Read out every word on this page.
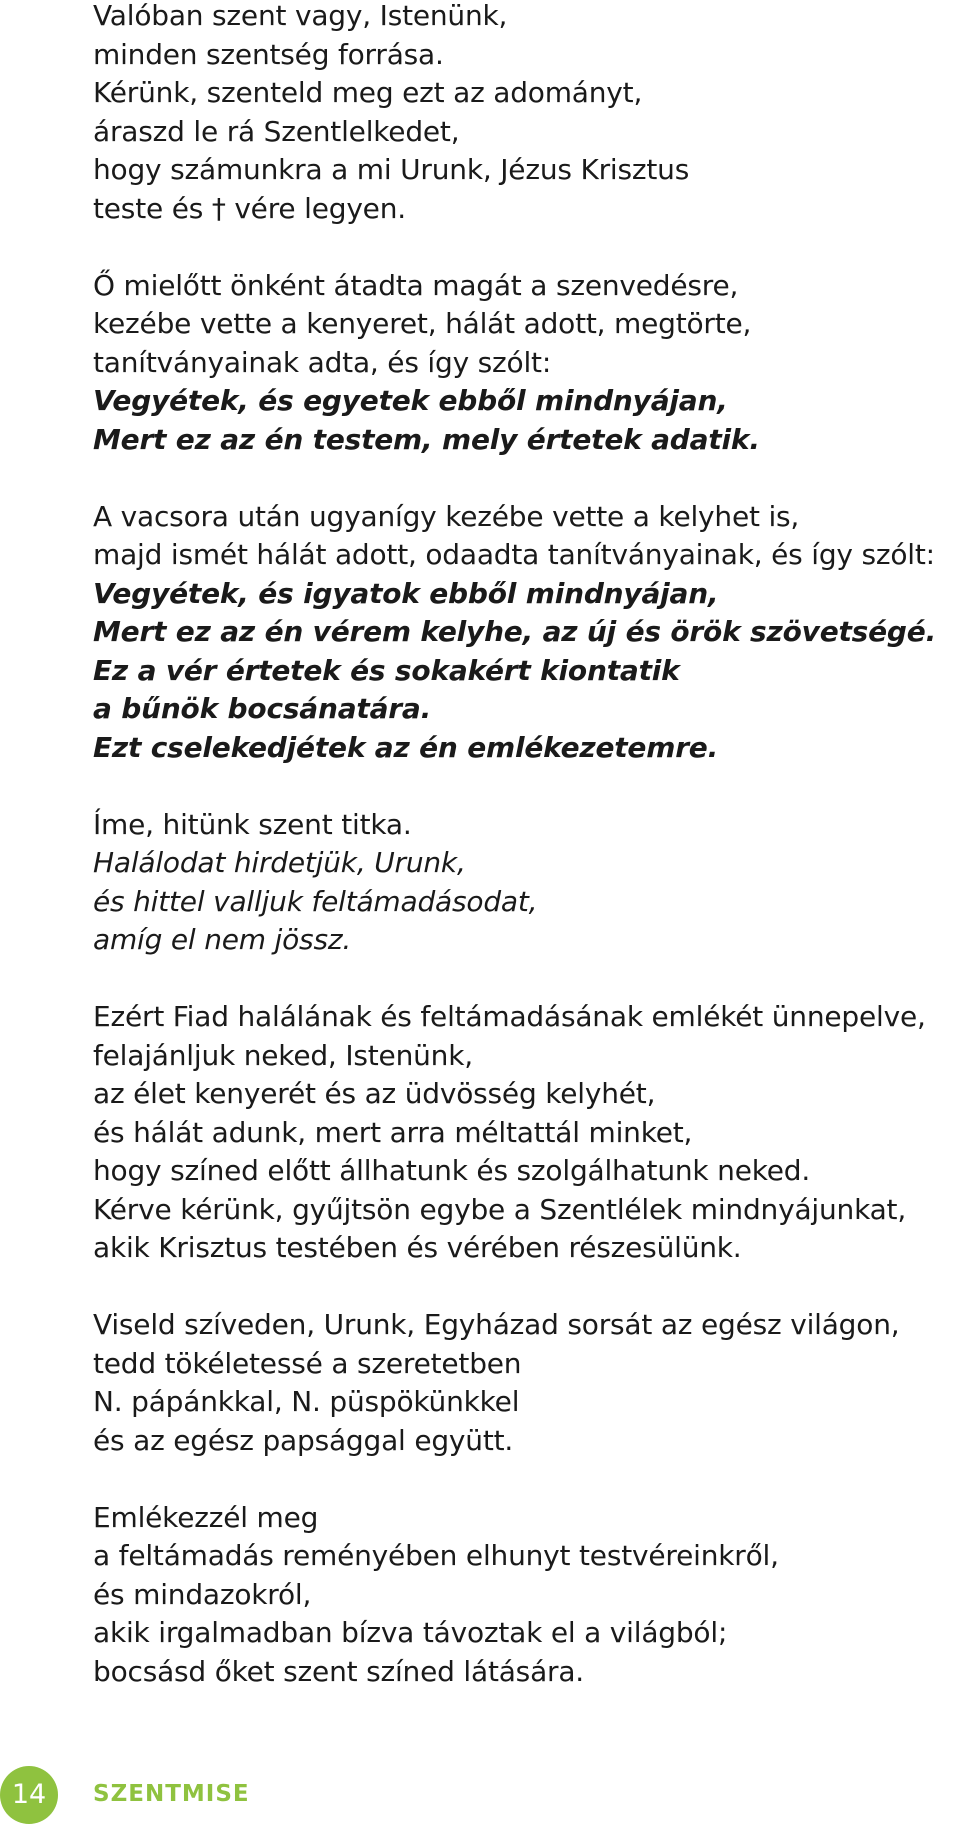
Valóban szent vagy, Istenünk,
minden szentség forrása.
Kérünk, szenteld meg ezt az adományt,
áraszd le rá Szentlelkedet,
hogy számunkra a mi Urunk, Jézus Krisztus
teste és † vére legyen.
Ő mielőtt önként átadta magát a szenvedésre,
kezébe vette a kenyeret, hálát adott, megtörte,
tanítványainak adta, és így szólt:
Vegyétek, és egyetek ebből mindnyájan,
Mert ez az én testem, mely értetek adatik.
A vacsora után ugyanígy kezébe vette a kelyhet is,
majd ismét hálát adott, odaadta tanítványainak, és így szólt:
Vegyétek, és igyatok ebből mindnyájan,
Mert ez az én vérem kelyhe, az új és örök szövetségé.
Ez a vér értetek és sokakért kiontatik
a bűnök bocsánatára.
Ezt cselekedjétek az én emlékezetemre.
Íme, hitünk szent titka.
Halálodat hirdetjük, Urunk,
és hittel valljuk feltámadásodat,
amíg el nem jössz.
Ezért Fiad halálának és feltámadásának emlékét ünnepelve,
felajánljuk neked, Istenünk,
az élet kenyerét és az üdvösség kelyhét,
és hálát adunk, mert arra méltattál minket,
hogy színed előtt állhatunk és szolgálhatunk neked.
Kérve kérünk, gyűjtsön egybe a Szentlélek mindnyájunkat,
akik Krisztus testében és vérében részesülünk.
Viseld szíveden, Urunk, Egyházad sorsát az egész világon,
tedd tökéletessé a szeretetben
N. pápánkkal, N. püspökünkkel
és az egész papsággal együtt.
Emlékezzél meg
a feltámadás reményében elhunyt testvéreinkről,
és mindazokról,
akik irgalmadban bízva távoztak el a világból;
bocsásd őket szent színed látására.
14	SZENTMISE
